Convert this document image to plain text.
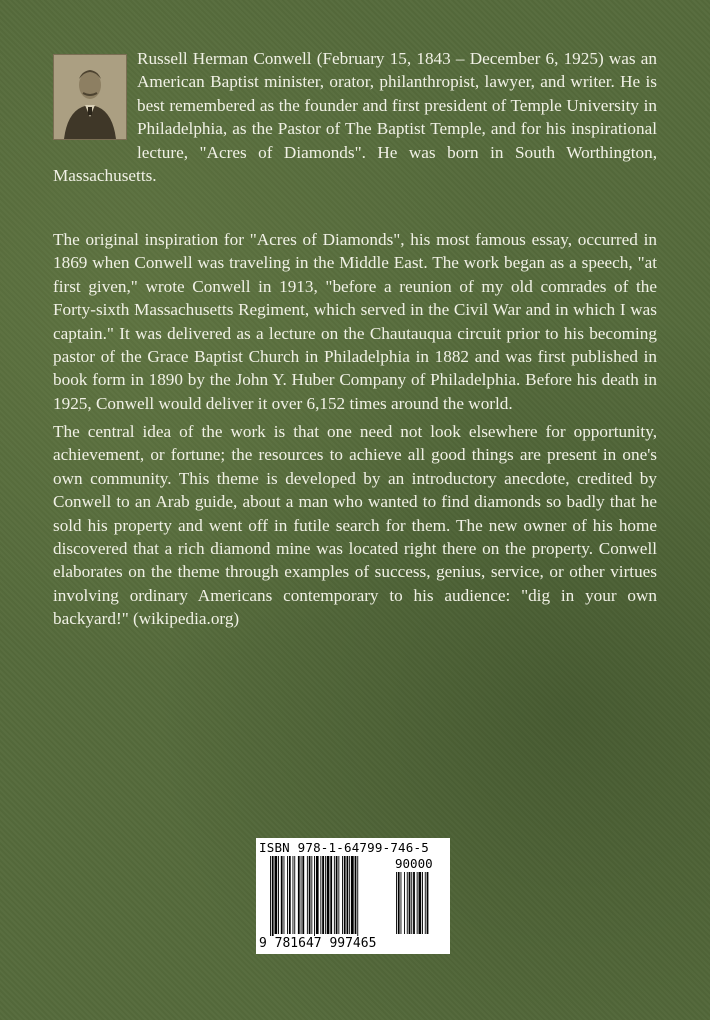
Russell Herman Conwell (February 15, 1843 – December 6, 1925) was an American Baptist minister, orator, philanthropist, lawyer, and writer. He is best remembered as the founder and first president of Temple University in Philadelphia, as the Pastor of The Baptist Temple, and for his inspirational lecture, "Acres of Diamonds". He was born in South Worthington, Massachusetts.

The original inspiration for "Acres of Diamonds", his most famous essay, occurred in 1869 when Conwell was traveling in the Middle East. The work began as a speech, "at first given," wrote Conwell in 1913, "before a reunion of my old comrades of the Forty-sixth Massachusetts Regiment, which served in the Civil War and in which I was captain." It was delivered as a lecture on the Chautauqua circuit prior to his becoming pastor of the Grace Baptist Church in Philadelphia in 1882 and was first published in book form in 1890 by the John Y. Huber Company of Philadelphia. Before his death in 1925, Conwell would deliver it over 6,152 times around the world.

The central idea of the work is that one need not look elsewhere for opportunity, achievement, or fortune; the resources to achieve all good things are present in one's own community. This theme is developed by an introductory anecdote, credited by Conwell to an Arab guide, about a man who wanted to find diamonds so badly that he sold his property and went off in futile search for them. The new owner of his home discovered that a rich diamond mine was located right there on the property. Conwell elaborates on the theme through examples of success, genius, service, or other virtues involving ordinary Americans contemporary to his audience: "dig in your own backyard!" (wikipedia.org)

ISBN 978-1-64799-746-5
90000
9 781647 997465
